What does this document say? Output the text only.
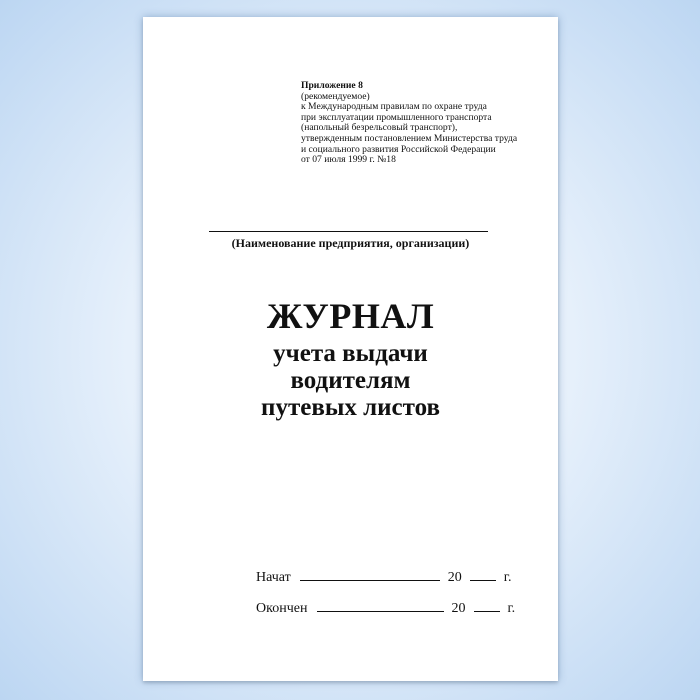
Приложение 8
(рекомендуемое)
к Международным правилам по охране труда
при эксплуатации промышленного транспорта
(напольный безрельсовый транспорт),
утвержденным постановлением Министерства труда
и социального развития Российской Федерации
от 07 июля 1999 г. №18
(Наименование предприятия, организации)
ЖУРНАЛ
учета выдачи
водителям
путевых листов
Начат	20	г.
Окончен	20	г.
